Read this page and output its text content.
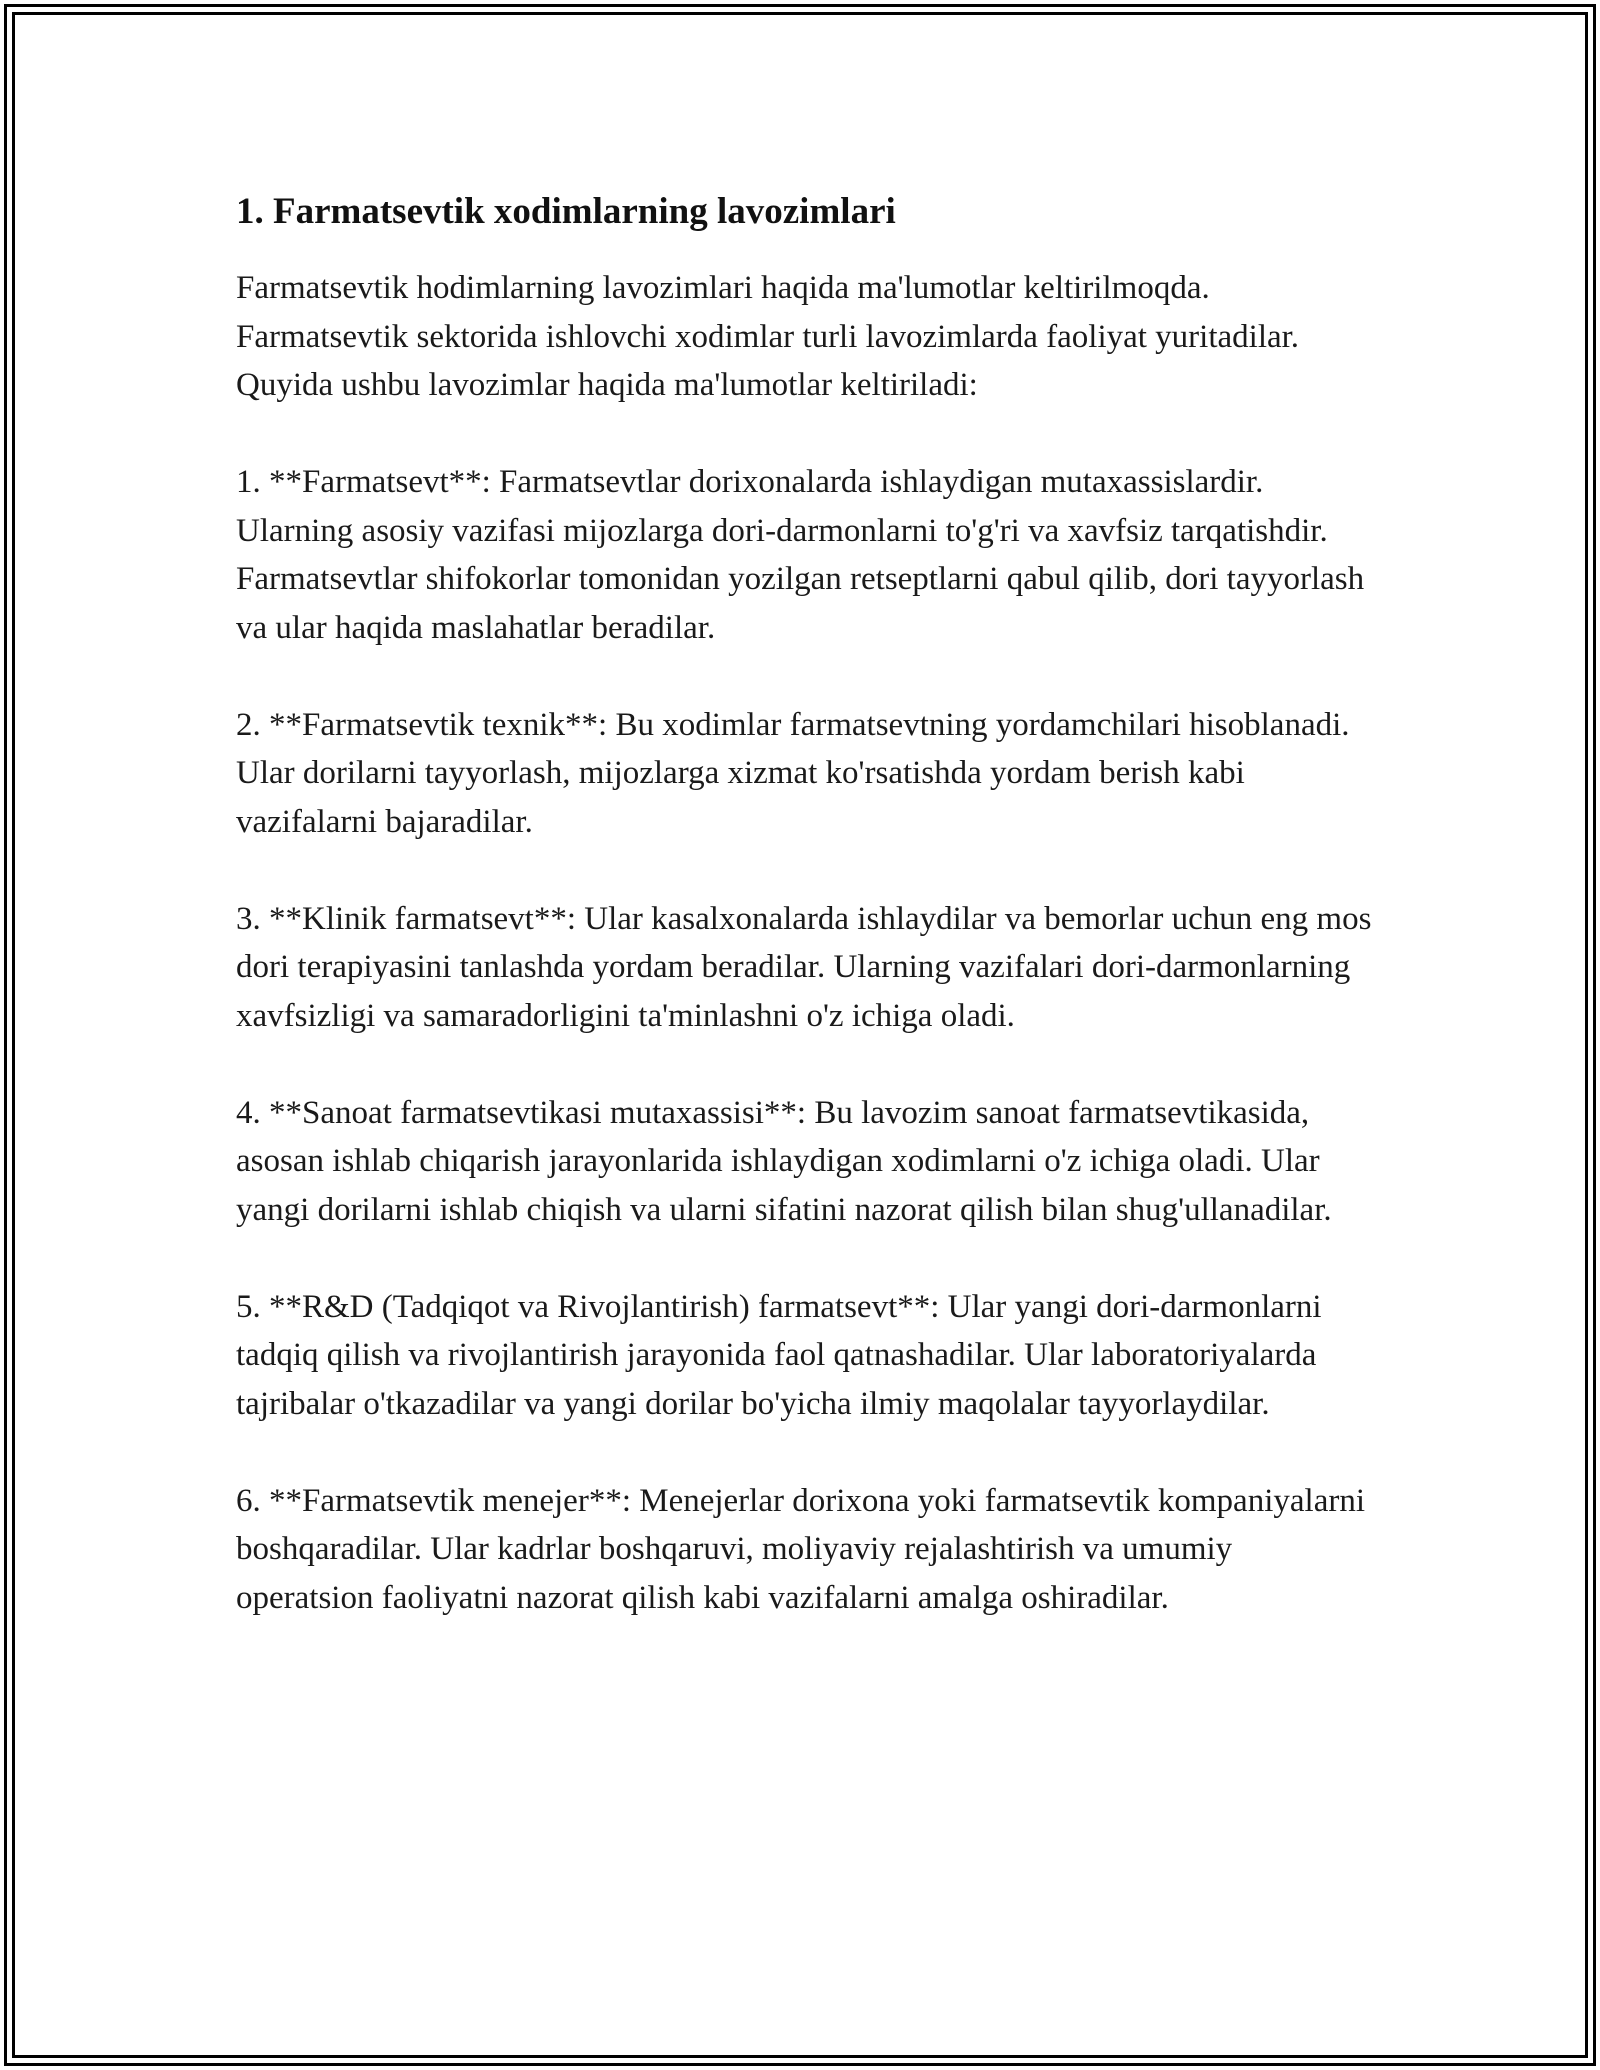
1. Farmatsevtik xodimlarning lavozimlari

Farmatsevtik hodimlarning lavozimlari haqida ma'lumotlar keltirilmoqda. Farmatsevtik sektorida ishlovchi xodimlar turli lavozimlarda faoliyat yuritadilar. Quyida ushbu lavozimlar haqida ma'lumotlar keltiriladi:

1. **Farmatsevt**: Farmatsevtlar dorixonalarda ishlaydigan mutaxassislardir. Ularning asosiy vazifasi mijozlarga dori-darmonlarni to'g'ri va xavfsiz tarqatishdir. Farmatsevtlar shifokorlar tomonidan yozilgan retseptlarni qabul qilib, dori tayyorlash va ular haqida maslahatlar beradilar.

2. **Farmatsevtik texnik**: Bu xodimlar farmatsevtning yordamchilari hisoblanadi. Ular dorilarni tayyorlash, mijozlarga xizmat ko'rsatishda yordam berish kabi vazifalarni bajaradilar.

3. **Klinik farmatsevt**: Ular kasalxonalarda ishlaydilar va bemorlar uchun eng mos dori terapiyasini tanlashda yordam beradilar. Ularning vazifalari dori-darmonlarning xavfsizligi va samaradorligini ta'minlashni o'z ichiga oladi.

4. **Sanoat farmatsevtikasi mutaxassisi**: Bu lavozim sanoat farmatsevtikasida, asosan ishlab chiqarish jarayonlarida ishlaydigan xodimlarni o'z ichiga oladi. Ular yangi dorilarni ishlab chiqish va ularni sifatini nazorat qilish bilan shug'ullanadilar.

5. **R&D (Tadqiqot va Rivojlantirish) farmatsevt**: Ular yangi dori-darmonlarni tadqiq qilish va rivojlantirish jarayonida faol qatnashadilar. Ular laboratoriyalarda tajribalar o'tkazadilar va yangi dorilar bo'yicha ilmiy maqolalar tayyorlaydilar.

6. **Farmatsevtik menejer**: Menejerlar dorixona yoki farmatsevtik kompaniyalarni boshqaradilar. Ular kadrlar boshqaruvi, moliyaviy rejalashtirish va umumiy operatsion faoliyatni nazorat qilish kabi vazifalarni amalga oshiradilar.
